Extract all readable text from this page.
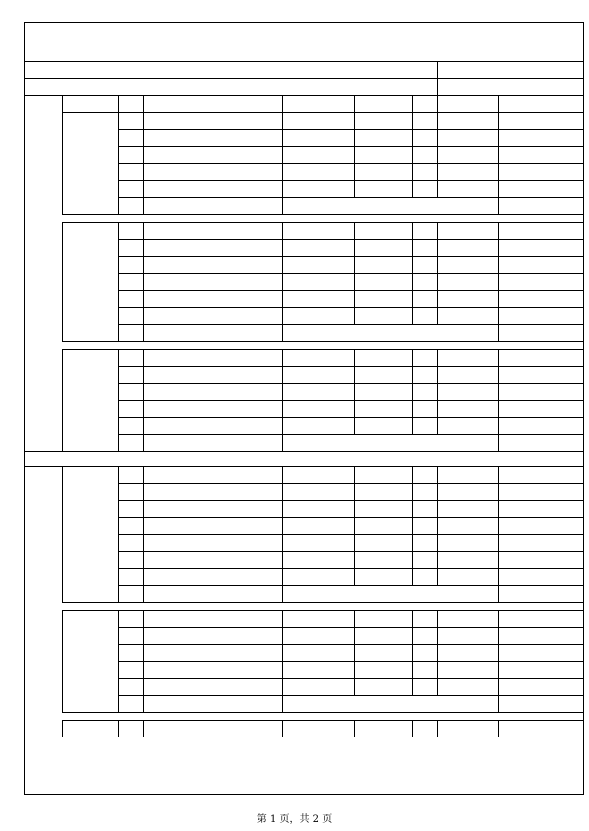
第 1 页，共 2 页
